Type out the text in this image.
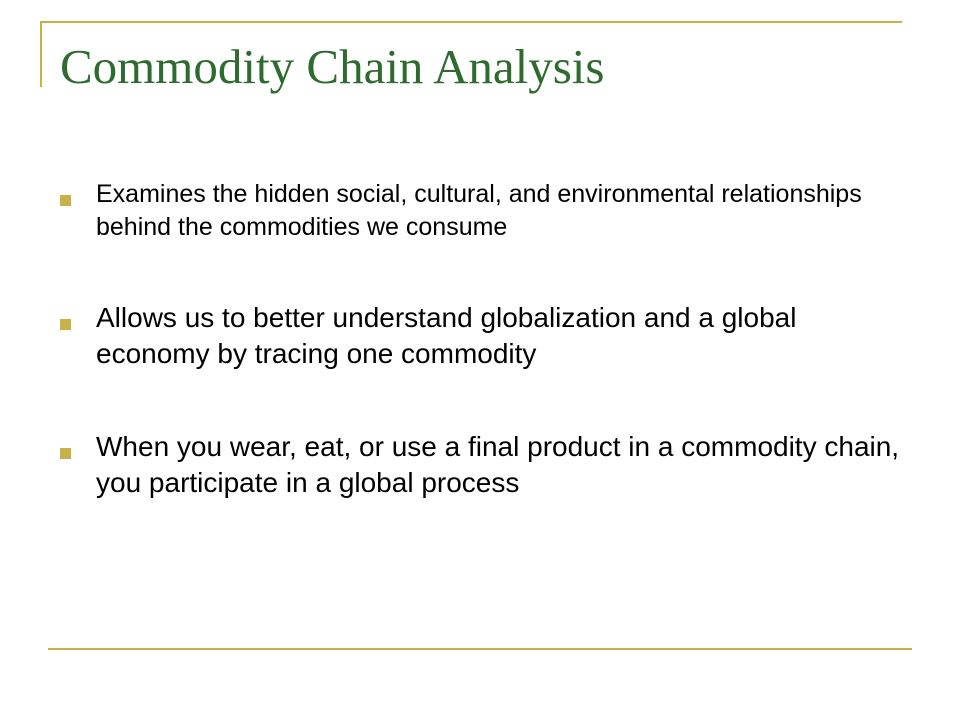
Commodity Chain Analysis
Examines the hidden social, cultural, and environmental relationships behind the commodities we consume
Allows us to better understand globalization and a global economy by tracing one commodity
When you wear, eat, or use a final product in a commodity chain, you participate in a global process
